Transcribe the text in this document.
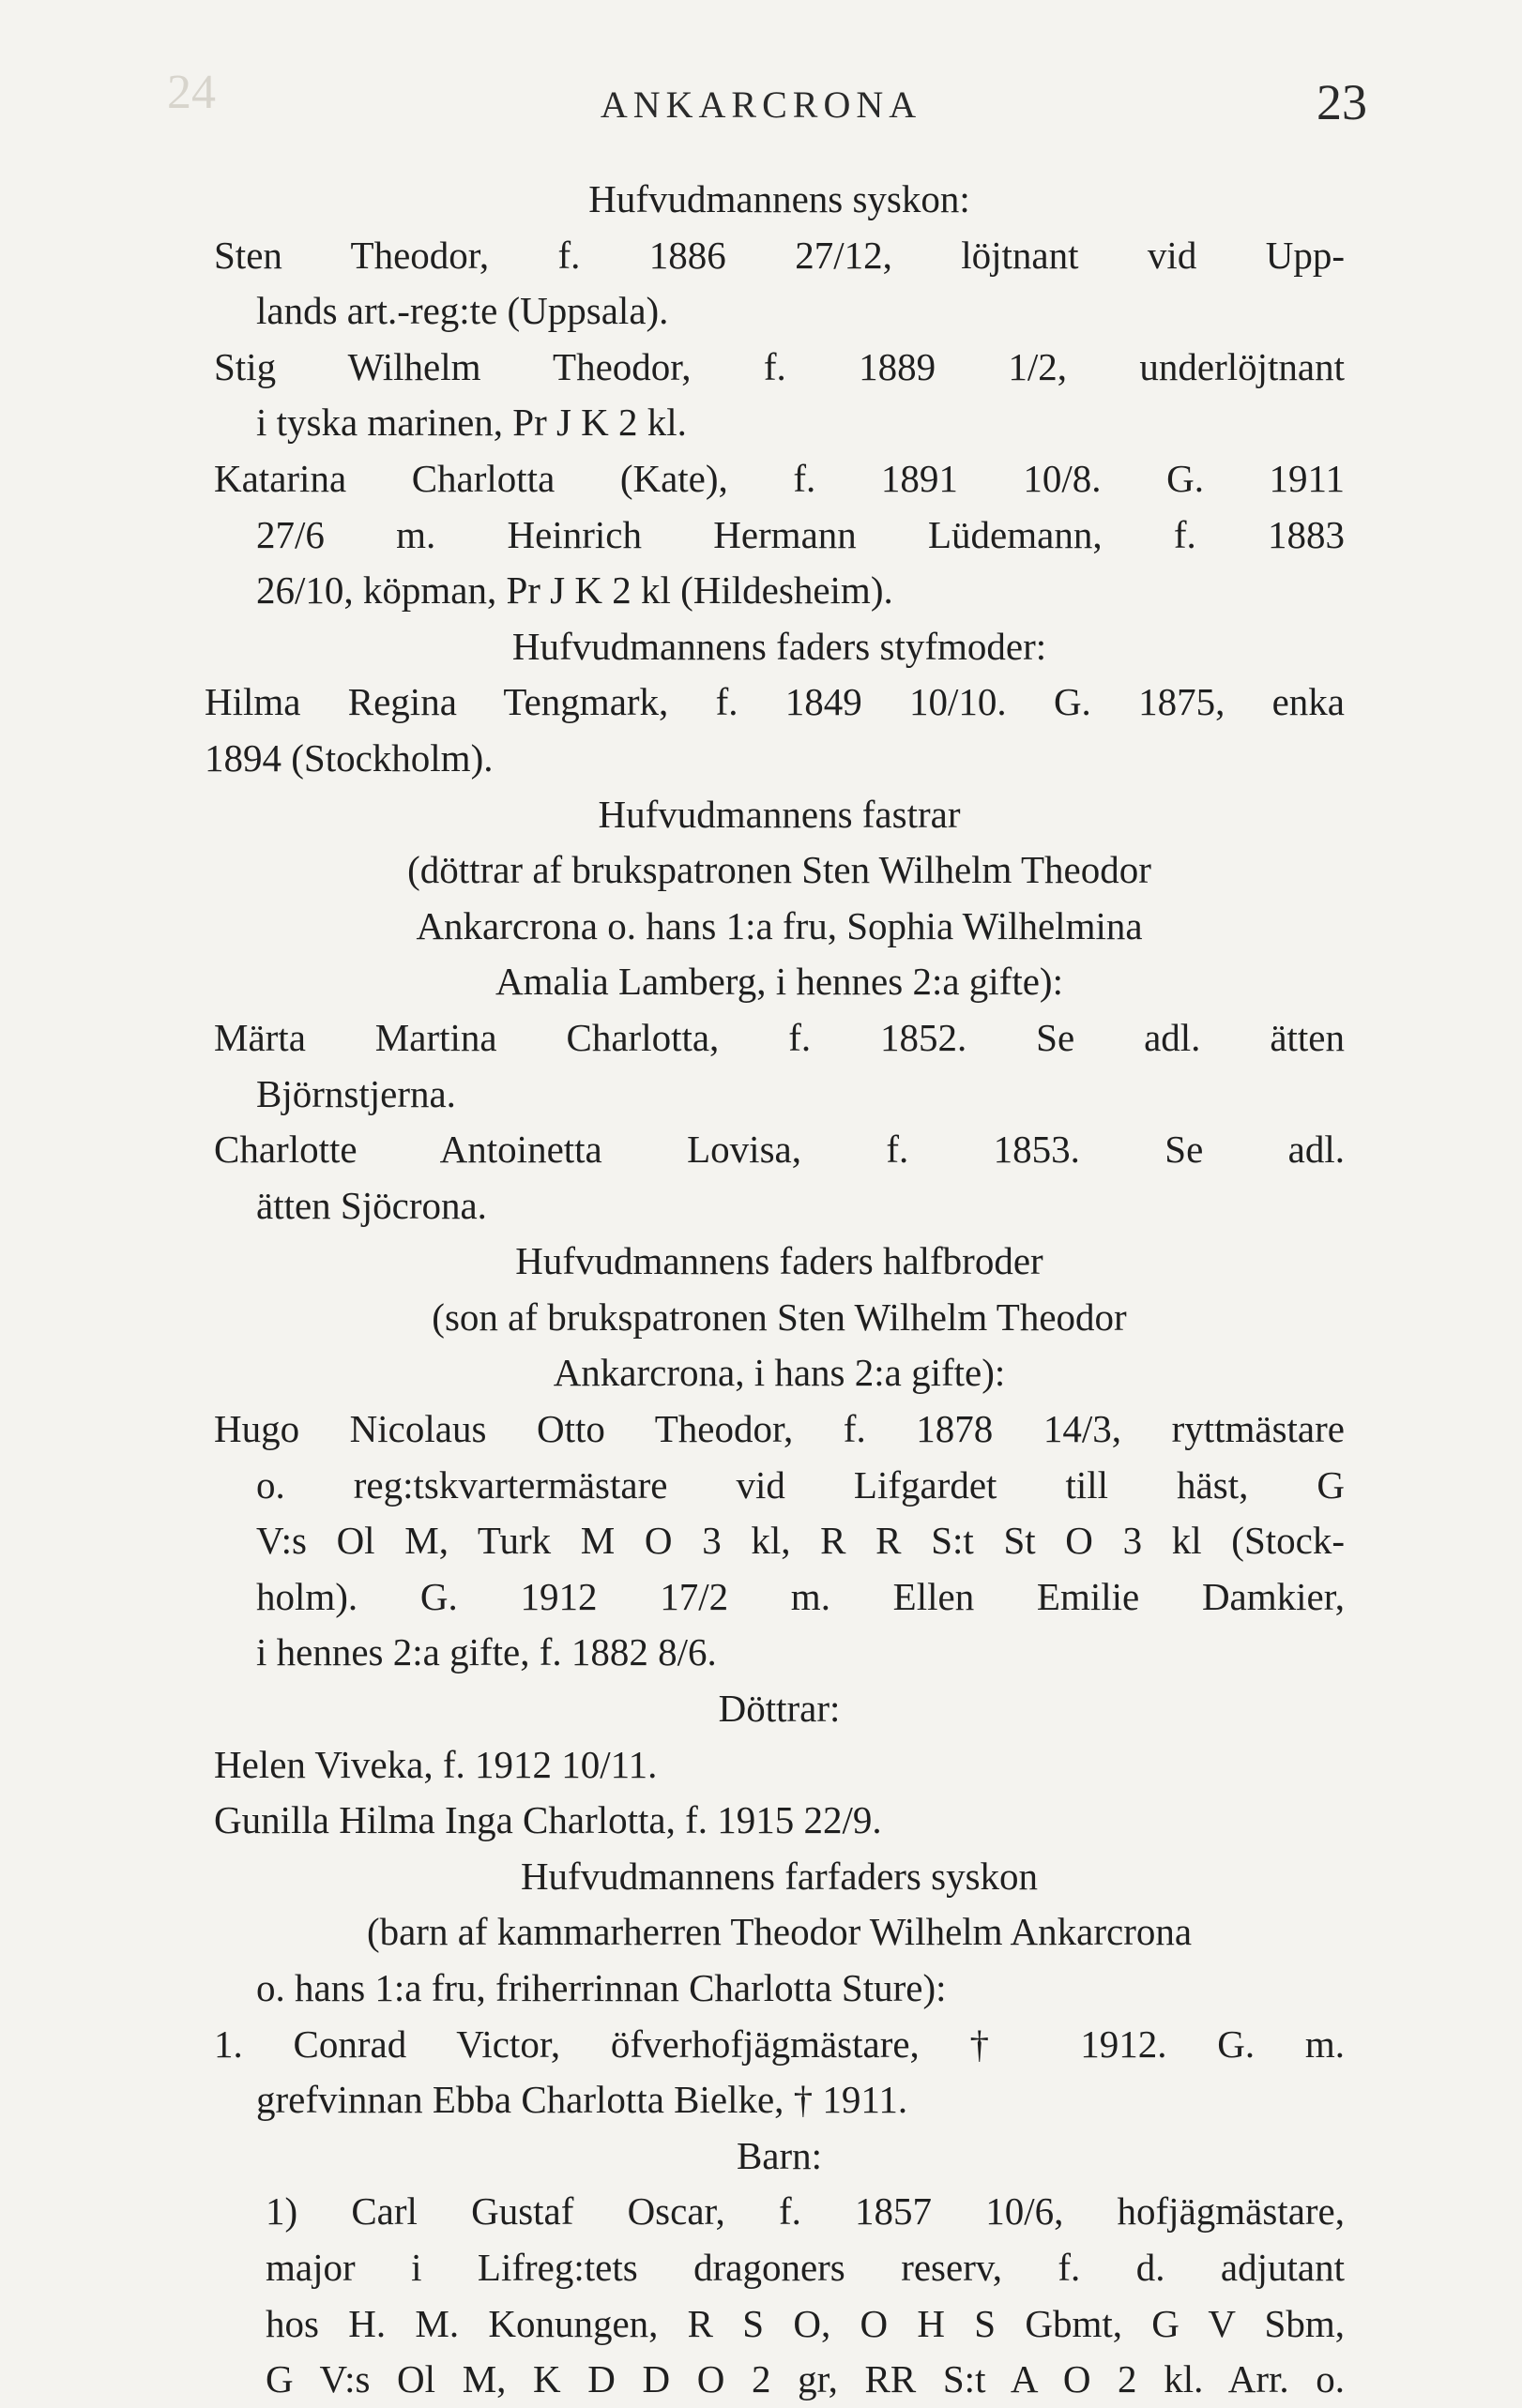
24	ANKARCRONA	23
Hufvudmannens syskon:
Sten Theodor, f. 1886 27/12, löjtnant vid Upp-
lands art.-reg:te (Uppsala).
Stig Wilhelm Theodor, f. 1889 1/2, underlöjtnant
i tyska marinen, Pr J K 2 kl.
Katarina Charlotta (Kate), f. 1891 10/8. G. 1911
27/6 m. Heinrich Hermann Lüdemann, f. 1883
26/10, köpman, Pr J K 2 kl (Hildesheim).
Hufvudmannens faders styfmoder:
Hilma Regina Tengmark, f. 1849 10/10. G. 1875, enka
1894 (Stockholm).
Hufvudmannens fastrar
(döttrar af brukspatronen Sten Wilhelm Theodor
Ankarcrona o. hans 1:a fru, Sophia Wilhelmina
Amalia Lamberg, i hennes 2:a gifte):
Märta Martina Charlotta, f. 1852. Se adl. ätten
Björnstjerna.
Charlotte Antoinetta Lovisa, f. 1853. Se adl.
ätten Sjöcrona.
Hufvudmannens faders halfbroder
(son af brukspatronen Sten Wilhelm Theodor
Ankarcrona, i hans 2:a gifte):
Hugo Nicolaus Otto Theodor, f. 1878 14/3, ryttmästare
o. reg:tskvartermästare vid Lifgardet till häst, G
V:s Ol M, Turk M O 3 kl, R R S:t St O 3 kl (Stock-
holm). G. 1912 17/2 m. Ellen Emilie Damkier,
i hennes 2:a gifte, f. 1882 8/6.
Döttrar:
Helen Viveka, f. 1912 10/11.
Gunilla Hilma Inga Charlotta, f. 1915 22/9.
Hufvudmannens farfaders syskon
(barn af kammarherren Theodor Wilhelm Ankarcrona
o. hans 1:a fru, friherrinnan Charlotta Sture):
1. Conrad Victor, öfverhofjägmästare, † 1912. G. m.
grefvinnan Ebba Charlotta Bielke, † 1911.
Barn:
1) Carl Gustaf Oscar, f. 1857 10/6, hofjägmästare,
major i Lifreg:tets dragoners reserv, f. d. adjutant
hos H. M. Konungen, R S O, O H S Gbmt, G V Sbm,
G V:s Ol M, K D D O 2 gr, RR S:t A O 2 kl. Arr. o.
